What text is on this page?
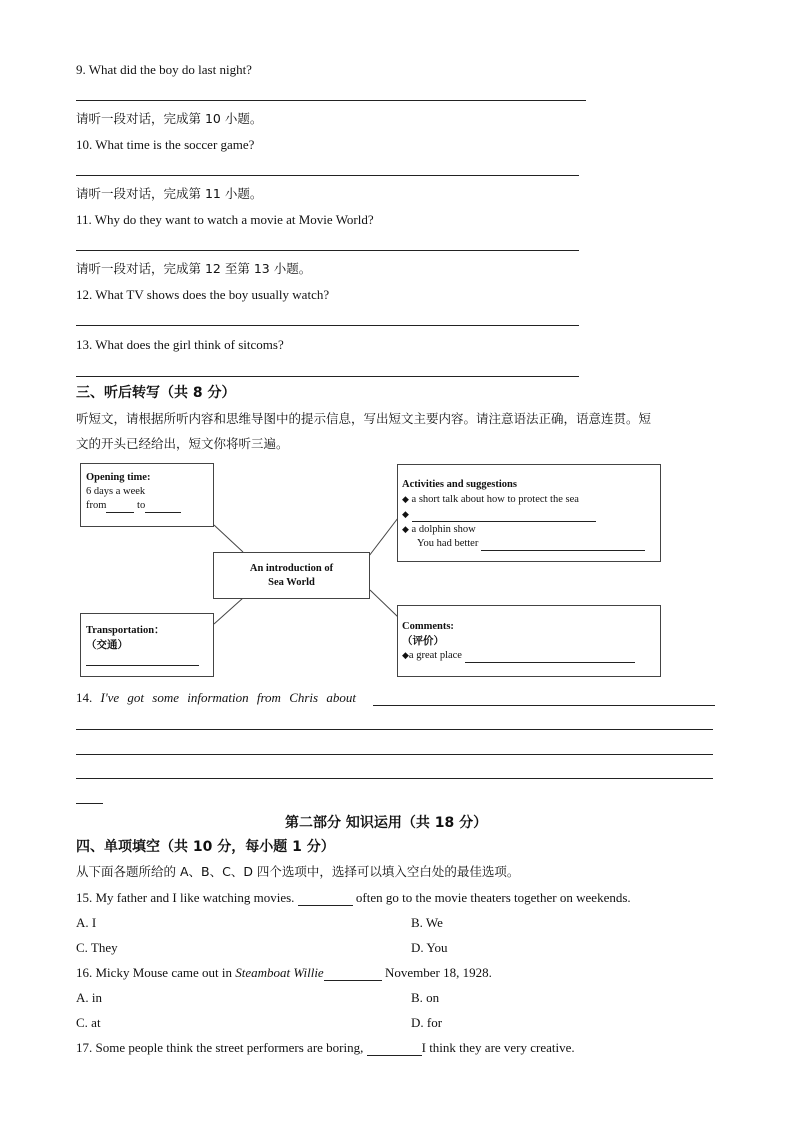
9. What did the boy do last night?
请听一段对话，完成第 10 小题。
10. What time is the soccer game?
请听一段对话，完成第 11 小题。
11. Why do they want to watch a movie at Movie World?
请听一段对话，完成第 12 至第 13 小题。
12. What TV shows does the boy usually watch?
13. What does the girl think of sitcoms?
三、听后转写（共 8 分）
听短文，请根据所听内容和思维导图中的提示信息，写出短文主要内容。请注意语法正确，语意连贯。短
文的开头已经给出，短文你将听三遍。
Opening time:
6 days a week
from	to
An introduction of
Sea World
Activities and suggestions
◆ a short talk about how to protect the sea
◆
◆ a dolphin show
You had better
Transportation：
（交通）
Comments:
（评价）
◆a great place
14. I've got some information from Chris about
第二部分 知识运用（共 18 分）
四、单项填空（共 10 分，每小题 1 分）
从下面各题所给的 A、B、C、D 四个选项中，选择可以填入空白处的最佳选项。
15. My father and I like watching movies.	often go to the movie theaters together on weekends.
A. I	B. We
C. They	D. You
16. Micky Mouse came out in Steamboat Willie	November 18, 1928.
A. in	B. on
C. at	D. for
17. Some people think the street performers are boring,	I think they are very creative.
